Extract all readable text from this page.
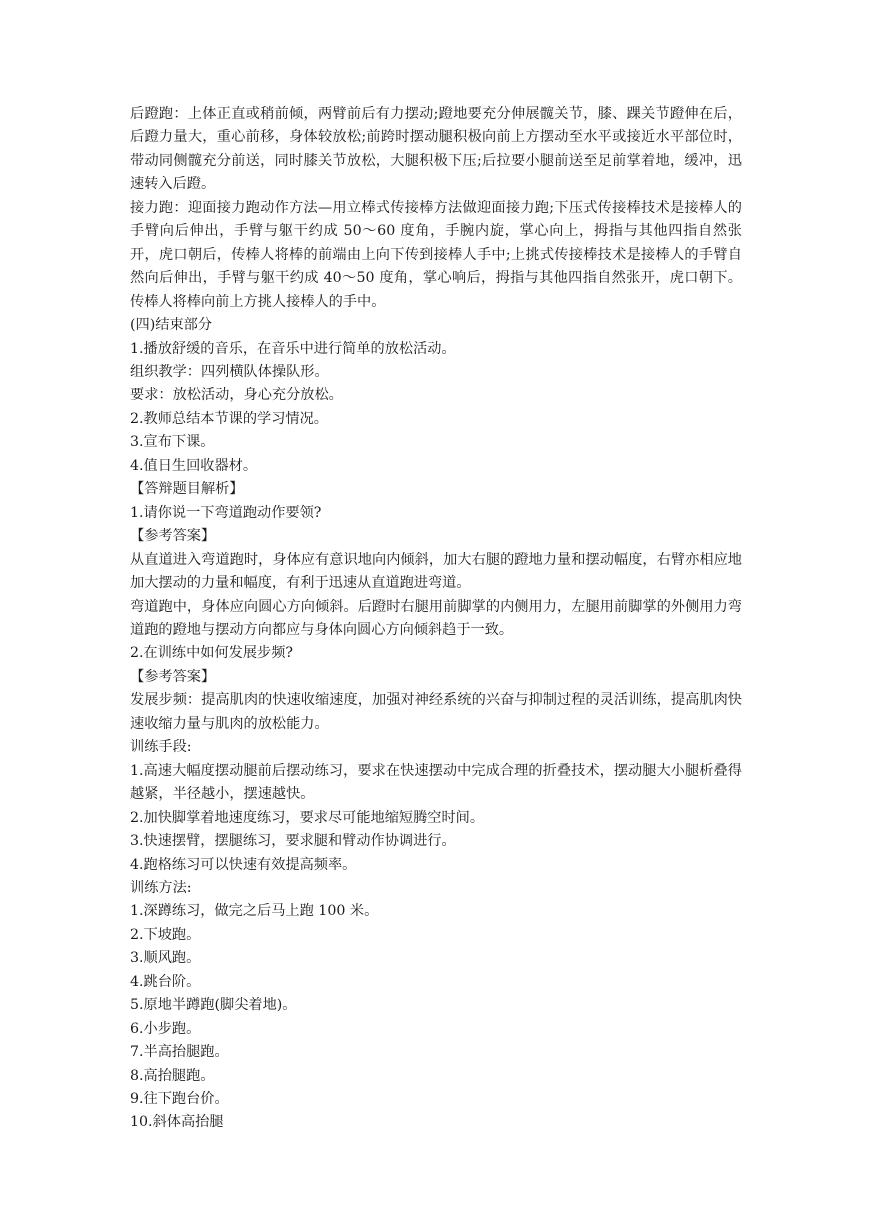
后蹬跑：上体正直或稍前倾，两臂前后有力摆动;蹬地要充分伸展髋关节，膝、踝关节蹬伸在后，后蹬力量大，重心前移，身体较放松;前跨时摆动腿积极向前上方摆动至水平或接近水平部位时，带动同侧髋充分前送，同时膝关节放松，大腿积极下压;后拉要小腿前送至足前掌着地，缓冲，迅速转入后蹬。

接力跑：迎面接力跑动作方法—用立棒式传接棒方法做迎面接力跑;下压式传接棒技术是接棒人的手臂向后伸出，手臂与躯干约成 50～60 度角，手腕内旋，掌心向上，拇指与其他四指自然张开，虎口朝后，传棒人将棒的前端由上向下传到接棒人手中;上挑式传接棒技术是接棒人的手臂自然向后伸出，手臂与躯干约成 40～50 度角，掌心响后，拇指与其他四指自然张开，虎口朝下。传棒人将棒向前上方挑人接棒人的手中。

(四)结束部分

1.播放舒缓的音乐，在音乐中进行简单的放松活动。

组织教学：四列横队体操队形。

要求：放松活动，身心充分放松。

2.教师总结本节课的学习情况。

3.宣布下课。

4.值日生回收器材。

【答辩题目解析】

1.请你说一下弯道跑动作要领?

【参考答案】

从直道进入弯道跑时，身体应有意识地向内倾斜，加大右腿的蹬地力量和摆动幅度，右臂亦相应地加大摆动的力量和幅度，有利于迅速从直道跑进弯道。

弯道跑中，身体应向圆心方向倾斜。后蹬时右腿用前脚掌的内侧用力，左腿用前脚掌的外侧用力弯道跑的蹬地与摆动方向都应与身体向圆心方向倾斜趋于一致。

2.在训练中如何发展步频?

【参考答案】

发展步频：提高肌肉的快速收缩速度，加强对神经系统的兴奋与抑制过程的灵活训练，提高肌肉快速收缩力量与肌肉的放松能力。

训练手段:

1.高速大幅度摆动腿前后摆动练习，要求在快速摆动中完成合理的折叠技术，摆动腿大小腿析叠得越紧，半径越小，摆速越快。

2.加快脚掌着地速度练习，要求尽可能地缩短腾空时间。

3.快速摆臂，摆腿练习，要求腿和臂动作协调进行。

4.跑格练习可以快速有效提高频率。

训练方法:

1.深蹲练习，做完之后马上跑 100 米。

2.下坡跑。

3.顺风跑。

4.跳台阶。

5.原地半蹲跑(脚尖着地)。

6.小步跑。

7.半高抬腿跑。

8.高抬腿跑。

9.往下跑台价。

10.斜体高抬腿
